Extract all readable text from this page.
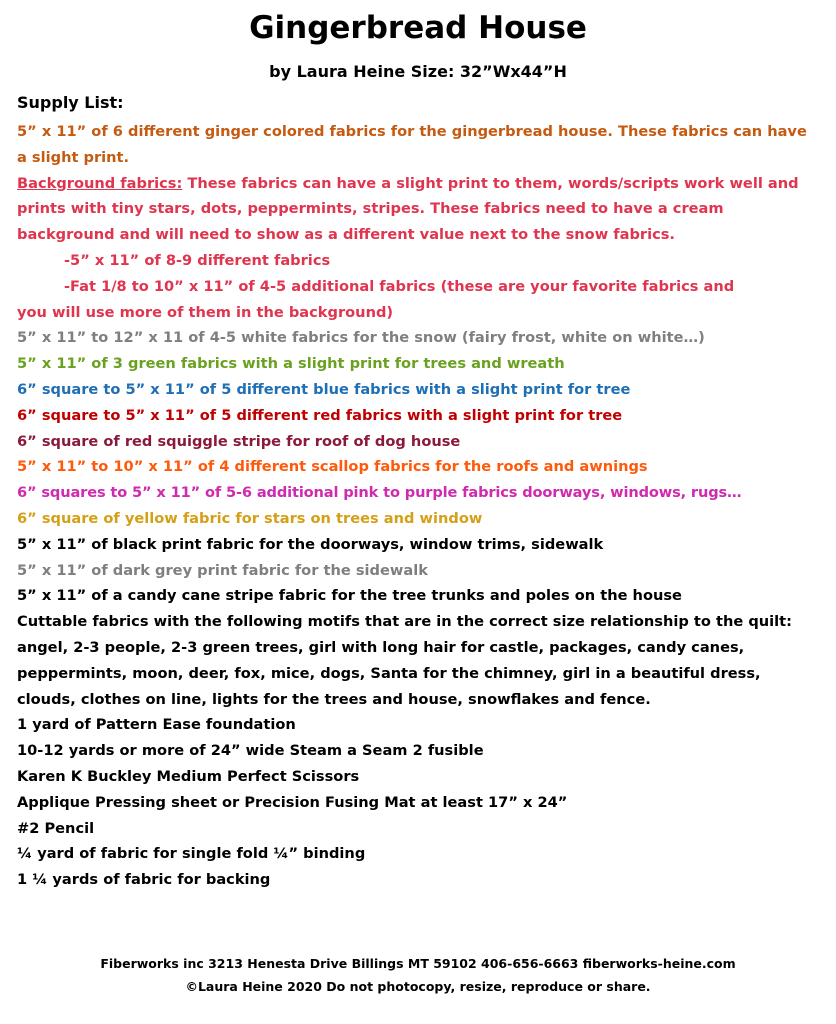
Gingerbread House
by Laura Heine Size: 32”Wx44”H
Supply List:

5” x 11” of 6 different ginger colored fabrics for the gingerbread house. These fabrics can have a slight print.

Background fabrics: These fabrics can have a slight print to them, words/scripts work well and prints with tiny stars, dots, peppermints, stripes. These fabrics need to have a cream background and will need to show as a different value next to the snow fabrics.

-5” x 11” of 8-9 different fabrics

-Fat 1/8 to 10” x 11” of 4-5 additional fabrics (these are your favorite fabrics and

you will use more of them in the background)

5” x 11” to 12” x 11 of 4-5 white fabrics for the snow (fairy frost, white on white…)

5” x 11” of 3 green fabrics with a slight print for trees and wreath

6” square to 5” x 11” of 5 different blue fabrics with a slight print for tree

6” square to 5” x 11” of 5 different red fabrics with a slight print for tree

6” square of red squiggle stripe for roof of dog house

5” x 11” to 10” x 11” of 4 different scallop fabrics for the roofs and awnings

6” squares to 5” x 11” of 5-6 additional pink to purple fabrics doorways, windows, rugs…

6” square of yellow fabric for stars on trees and window

5” x 11” of black print fabric for the doorways, window trims, sidewalk

5” x 11” of dark grey print fabric for the sidewalk

5” x 11” of a candy cane stripe fabric for the tree trunks and poles on the house

Cuttable fabrics with the following motifs that are in the correct size relationship to the quilt: angel, 2-3 people, 2-3 green trees, girl with long hair for castle, packages, candy canes, peppermints, moon, deer, fox, mice, dogs, Santa for the chimney, girl in a beautiful dress, clouds, clothes on line, lights for the trees and house, snowflakes and fence.

1 yard of Pattern Ease foundation

10-12 yards or more of 24” wide Steam a Seam 2 fusible

Karen K Buckley Medium Perfect Scissors

Applique Pressing sheet or Precision Fusing Mat at least 17” x 24”

#2 Pencil

¼ yard of fabric for single fold ¼” binding

1 ¼ yards of fabric for backing

Fiberworks inc 3213 Henesta Drive Billings MT 59102 406-656-6663 fiberworks-heine.com
©Laura Heine 2020 Do not photocopy, resize, reproduce or share.
